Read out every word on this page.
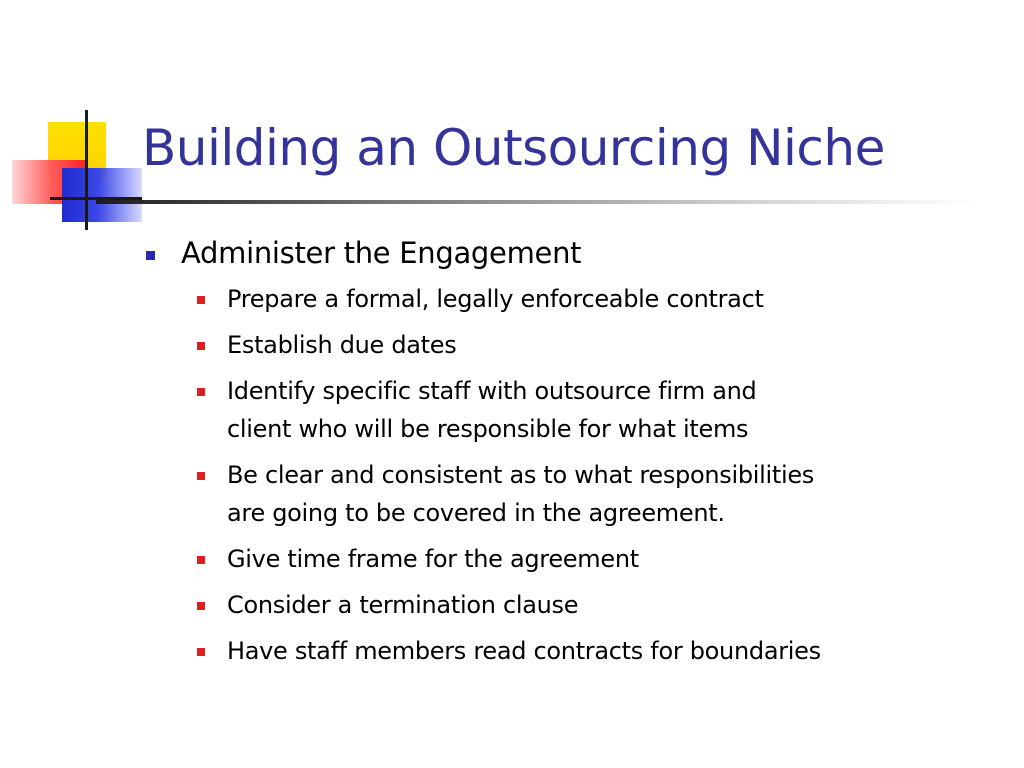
Building an Outsourcing Niche
Administer the Engagement
Prepare a formal, legally enforceable contract
Establish due dates
Identify specific staff with outsource firm and
client who will be responsible for what items
Be clear and consistent as to what responsibilities
are going to be covered in the agreement.
Give time frame for the agreement
Consider a termination clause
Have staff members read contracts for boundaries
